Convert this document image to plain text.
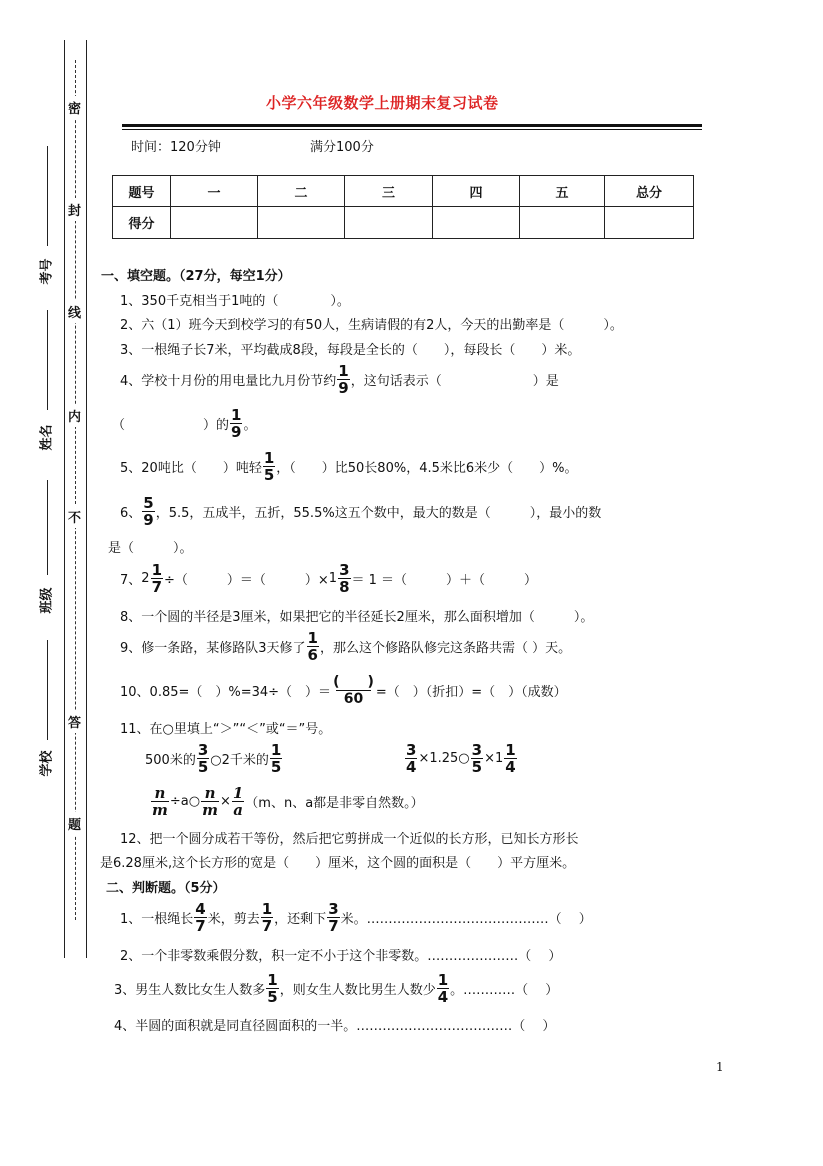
密
封
线
内
不
答
题
考号
姓名
班级
学校
小学六年级数学上册期末复习试卷
时间：120分钟	满分100分
题号	一	二	三	四	五	总分
得分						
一、填空题。（27分，每空1分）
1、350千克相当于1吨的（　　　　）。
2、六（1）班今天到校学习的有50人，生病请假的有2人，今天的出勤率是（　　　）。
3、一根绳子长7米，平均截成8段，每段是全长的（　　），每段长（　　）米。
4、学校十月份的用电量比九月份节约 $\frac{1}{9}$ ，这句话表示（　　　　　　　）是
（　　　　　　）的 $\frac{1}{9}$ 。
5、20吨比（　　）吨轻 $\frac{1}{5}$ ，（　　）比50长80%，4.5米比6米少（　　）%。
6、 $\frac{5}{9}$ ，5.5，五成半，五折，55.5%这五个数中，最大的数是（　　　），最小的数
是（　　　）。
7、 $2 \frac{1}{7}$ ÷（　　　）＝（　　　）× $1 \frac{3}{8} = 1$ ＝（　　　）＋（　　　）
8、一个圆的半径是3厘米，如果把它的半径延长2厘米，那么面积增加（　　　）。
9、修一条路，某修路队3天修了 $\frac{1}{6}$ ，那么这个修路队修完这条路共需（ ）天。
10、0.85=（　）%=34÷（　）＝ $\frac{( )}{60}$ =（　）（折扣）=（　）（成数）
11、在○里填上“＞”“＜”或“＝”号。
500米的 $\frac{3}{5}$ ○2千米的 $\frac{1}{5}$	$\frac{3}{4}$ ×1.25○ $\frac{3}{5} \times 1 \frac{1}{4}$
$\frac{n}{m}$ ÷a○ $\frac{n}{m} \times \frac{1}{a} (m$、n、a都是非零自然数。）
12、把一个圆分成若干等份，然后把它剪拼成一个近似的长方形，已知长方形长
是6.28厘米,这个长方形的宽是（　　）厘米，这个圆的面积是（　　）平方厘米。
二、判断题。（5分）
1、一根绳长 $\frac{4}{7}$ 米，剪去 $\frac{1}{7}$ ，还剩下 $\frac{3}{7}$ 米。……………………………………（　 ）
2、一个非零数乘假分数，积一定不小于这个非零数。…………………（　 ）
3、男生人数比女生人数多 $\frac{1}{5}$ ，则女生人数比男生人数少 $\frac{1}{4}$ 。…………（　 ）
4、半圆的面积就是同直径圆面积的一半。………………………………（　 ）
1
